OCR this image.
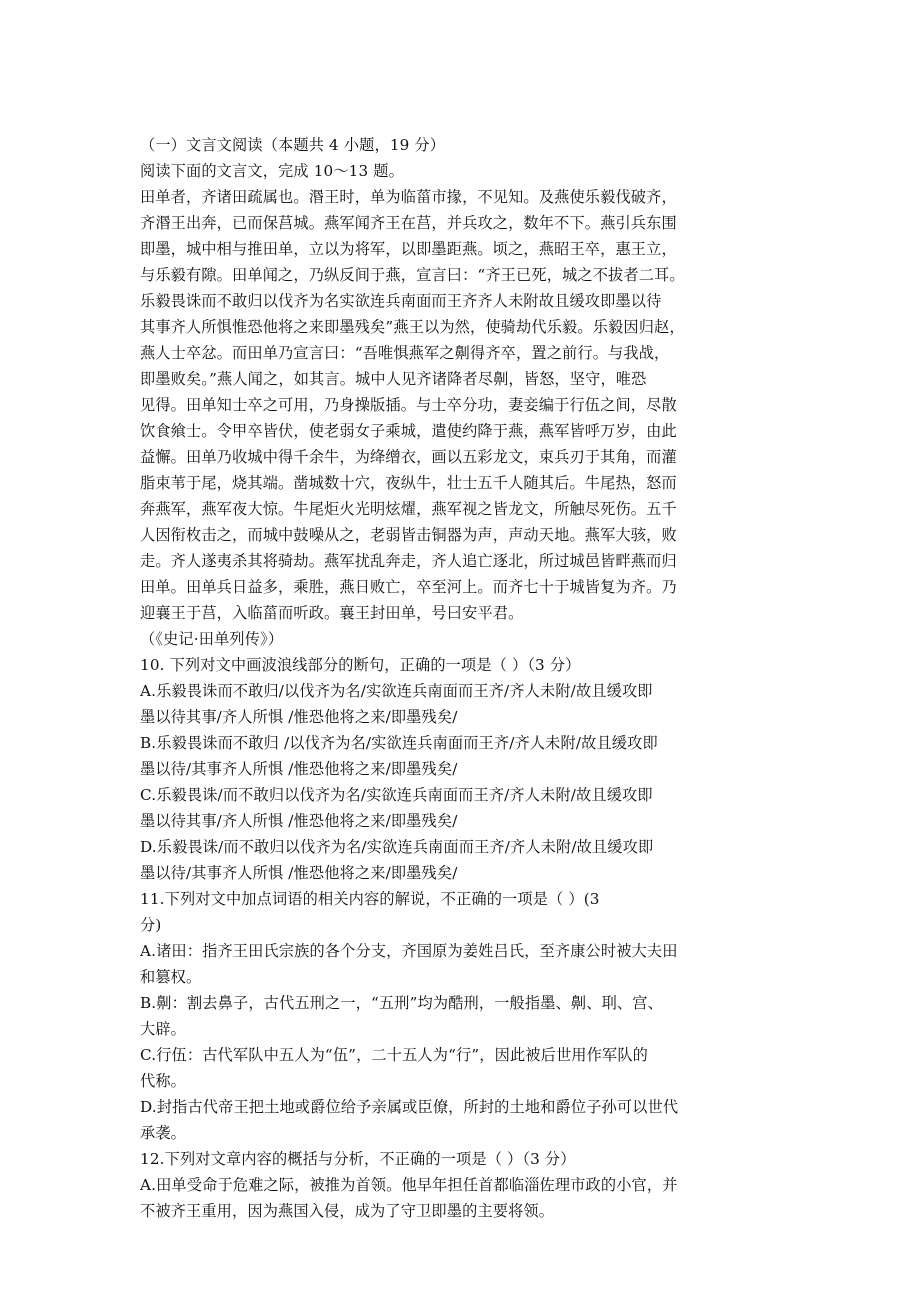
（一）文言文阅读（本题共 4 小题，19 分）
阅读下面的文言文，完成 10～13 题。
田单者，齐诸田疏属也。湣王时，单为临菑市掾，不见知。及燕使乐毅伐破齐，
齐湣王出奔，已而保莒城。燕军闻齐王在莒，并兵攻之，数年不下。燕引兵东围
即墨，城中相与推田单，立以为将军，以即墨距燕。顷之，燕昭王卒，惠王立，
与乐毅有隙。田单闻之，乃纵反间于燕，宣言曰：“齐王已死，城之不拔者二耳。
乐毅畏诛而不敢归以伐齐为名实欲连兵南面而王齐齐人未附故且缓攻即墨以待
其事齐人所惧惟恐他将之来即墨残矣”燕王以为然，使骑劫代乐毅。乐毅因归赵，
燕人士卒忿。而田单乃宣言曰：“吾唯惧燕军之劓得齐卒，置之前行。与我战，
即墨败矣。”燕人闻之，如其言。城中人见齐诸降者尽劓，皆怒，坚守，唯恐
见得。田单知士卒之可用，乃身操版插。与士卒分功，妻妾编于行伍之间，尽散
饮食飨士。令甲卒皆伏，使老弱女子乘城，遣使约降于燕，燕军皆呼万岁，由此
益懈。田单乃收城中得千余牛，为绛缯衣，画以五彩龙文，束兵刃于其角，而灌
脂束苇于尾，烧其端。凿城数十穴，夜纵牛，壮士五千人随其后。牛尾热，怒而
奔燕军，燕军夜大惊。牛尾炬火光明炫燿，燕军视之皆龙文，所触尽死伤。五千
人因衔枚击之，而城中鼓噪从之，老弱皆击铜器为声，声动天地。燕军大骇，败
走。齐人遂夷杀其将骑劫。燕军扰乱奔走，齐人追亡逐北，所过城邑皆畔燕而归
田单。田单兵日益多，乘胜，燕日败亡，卒至河上。而齐七十于城皆复为齐。乃
迎襄王于莒，入临菑而听政。襄王封田单，号曰安平君。
（《史记·田单列传》）
10. 下列对文中画波浪线部分的断句，正确的一项是（ ）（3 分）
A.乐毅畏诛而不敢归/以伐齐为名/实欲连兵南面而王齐/齐人未附/故且缓攻即
墨以待其事/齐人所惧 /惟恐他将之来/即墨残矣/
B.乐毅畏诛而不敢归 /以伐齐为名/实欲连兵南面而王齐/齐人未附/故且缓攻即
墨以待/其事齐人所惧 /惟恐他将之来/即墨残矣/
C.乐毅畏诛/而不敢归以伐齐为名/实欲连兵南面而王齐/齐人未附/故且缓攻即
墨以待其事/齐人所惧 /惟恐他将之来/即墨残矣/
D.乐毅畏诛/而不敢归以伐齐为名/实欲连兵南面而王齐/齐人未附/故且缓攻即
墨以待/其事齐人所惧 /惟恐他将之来/即墨残矣/
11.下列对文中加点词语的相关内容的解说，不正确的一项是（ ）(3
分)
A.诸田：指齐王田氏宗族的各个分支，齐国原为姜姓吕氏，至齐康公时被大夫田
和篡权。
B.劓：割去鼻子，古代五刑之一，“五刑”均为酷刑，一般指墨、劓、刵、宫、
大辟。
C.行伍：古代军队中五人为“伍”，二十五人为“行”，因此被后世用作军队的
代称。
D.封指古代帝王把土地或爵位给予亲属或臣僚，所封的土地和爵位子孙可以世代
承袭。
12.下列对文章内容的概括与分析，不正确的一项是（ ）（3 分）
A.田单受命于危难之际，被推为首领。他早年担任首都临淄佐理市政的小官，并
不被齐王重用，因为燕国入侵，成为了守卫即墨的主要将领。
